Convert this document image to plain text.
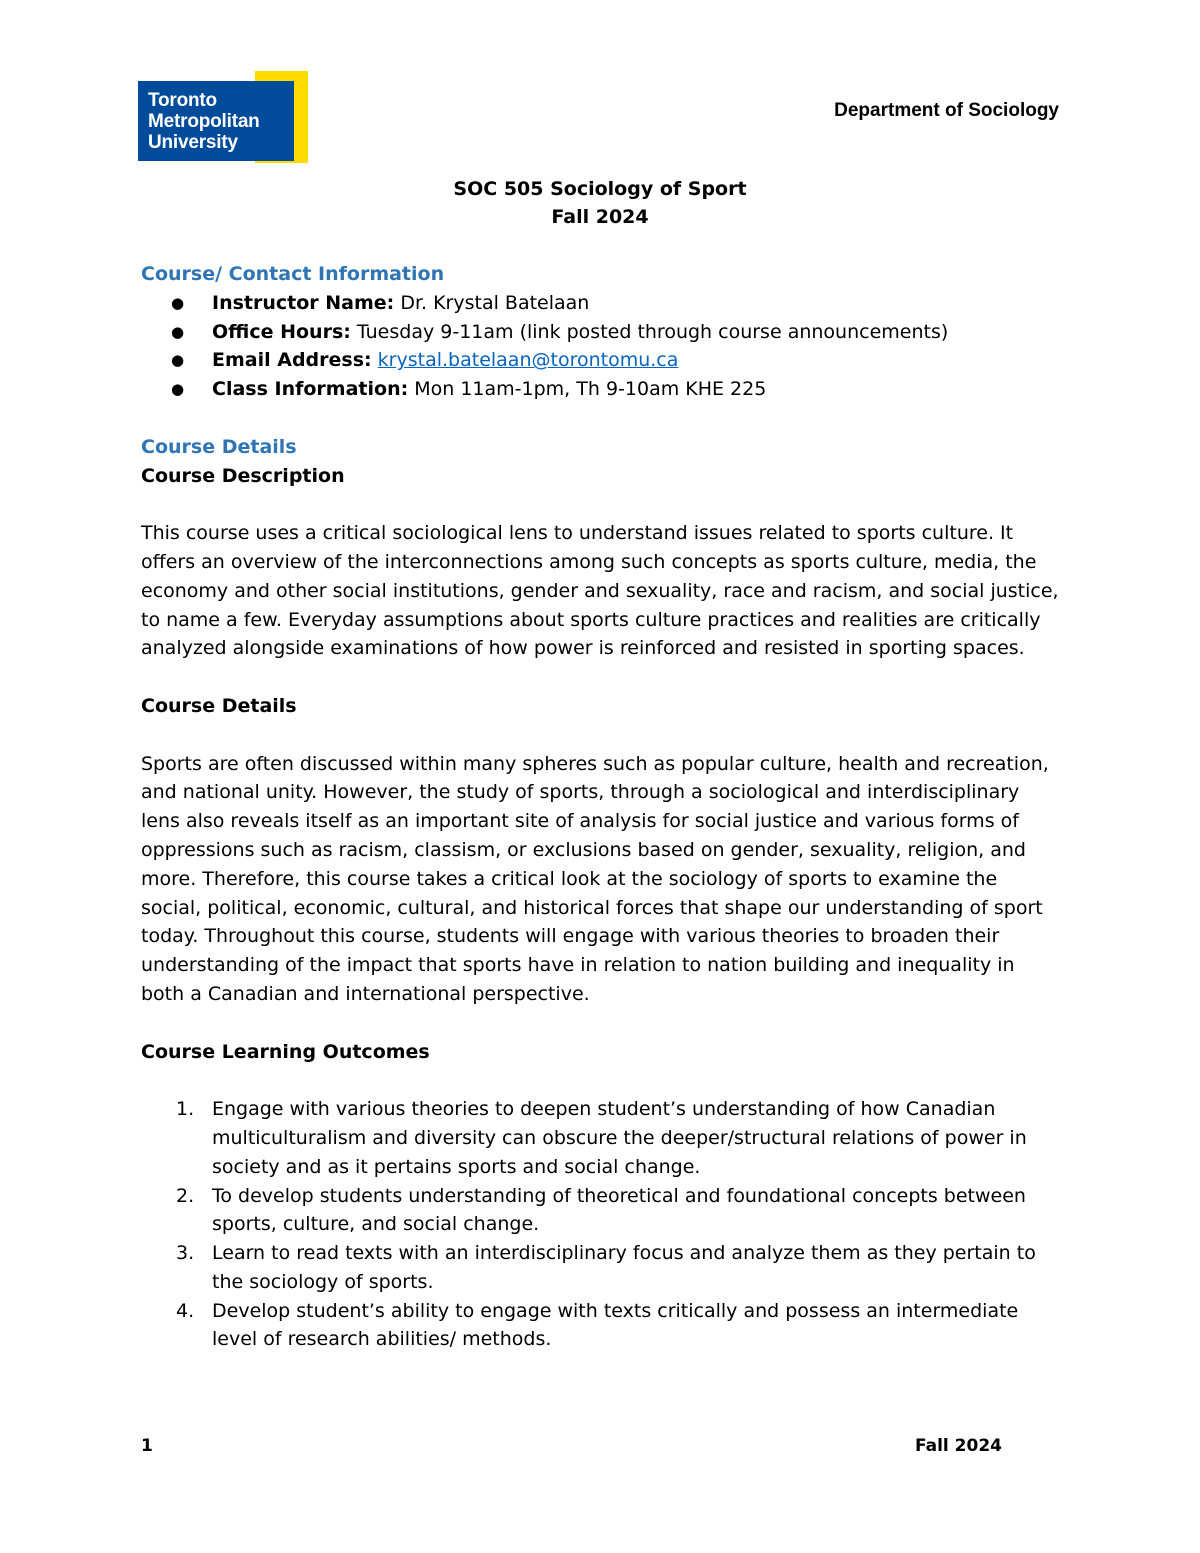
Toronto
Metropolitan
University
Department of Sociology
SOC 505 Sociology of Sport
Fall 2024
Course/ Contact Information
● Instructor Name: Dr. Krystal Batelaan
● Office Hours: Tuesday 9-11am (link posted through course announcements)
● Email Address: krystal.batelaan@torontomu.ca
● Class Information: Mon 11am-1pm, Th 9-10am KHE 225
Course Details
Course Description

This course uses a critical sociological lens to understand issues related to sports culture. It offers an overview of the interconnections among such concepts as sports culture, media, the economy and other social institutions, gender and sexuality, race and racism, and social justice, to name a few. Everyday assumptions about sports culture practices and realities are critically analyzed alongside examinations of how power is reinforced and resisted in sporting spaces.

Course Details

Sports are often discussed within many spheres such as popular culture, health and recreation, and national unity. However, the study of sports, through a sociological and interdisciplinary lens also reveals itself as an important site of analysis for social justice and various forms of oppressions such as racism, classism, or exclusions based on gender, sexuality, religion, and more. Therefore, this course takes a critical look at the sociology of sports to examine the social, political, economic, cultural, and historical forces that shape our understanding of sport today. Throughout this course, students will engage with various theories to broaden their understanding of the impact that sports have in relation to nation building and inequality in both a Canadian and international perspective.

Course Learning Outcomes
1. Engage with various theories to deepen student’s understanding of how Canadian multiculturalism and diversity can obscure the deeper/structural relations of power in society and as it pertains sports and social change.
2. To develop students understanding of theoretical and foundational concepts between sports, culture, and social change.
3. Learn to read texts with an interdisciplinary focus and analyze them as they pertain to the sociology of sports.
4. Develop student’s ability to engage with texts critically and possess an intermediate level of research abilities/ methods.
1	Fall 2024
